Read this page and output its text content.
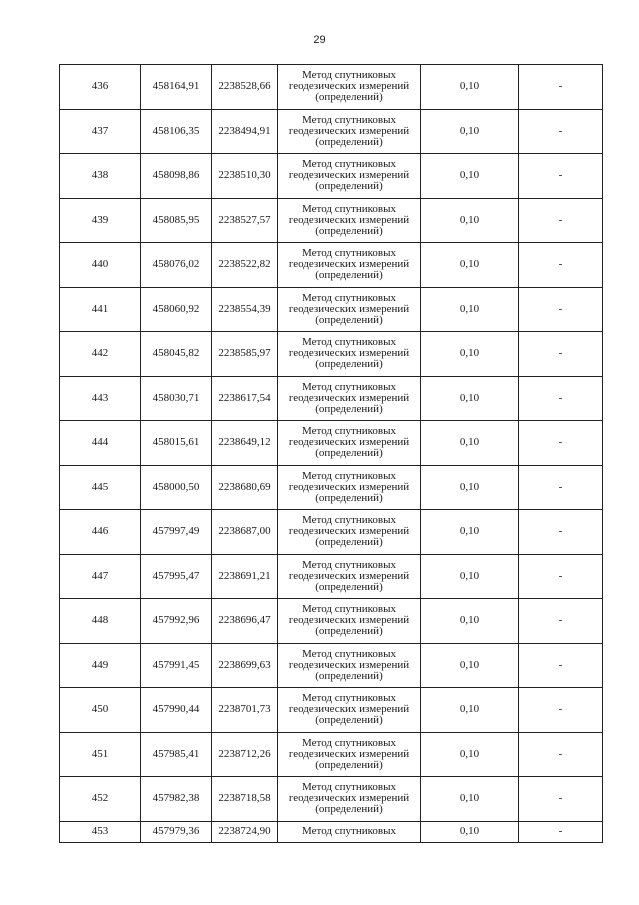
29
436	458164,91	2238528,66	Метод спутниковых
геодезических измерений
(определений)	0,10	-
437	458106,35	2238494,91	Метод спутниковых
геодезических измерений
(определений)	0,10	-
438	458098,86	2238510,30	Метод спутниковых
геодезических измерений
(определений)	0,10	-
439	458085,95	2238527,57	Метод спутниковых
геодезических измерений
(определений)	0,10	-
440	458076,02	2238522,82	Метод спутниковых
геодезических измерений
(определений)	0,10	-
441	458060,92	2238554,39	Метод спутниковых
геодезических измерений
(определений)	0,10	-
442	458045,82	2238585,97	Метод спутниковых
геодезических измерений
(определений)	0,10	-
443	458030,71	2238617,54	Метод спутниковых
геодезических измерений
(определений)	0,10	-
444	458015,61	2238649,12	Метод спутниковых
геодезических измерений
(определений)	0,10	-
445	458000,50	2238680,69	Метод спутниковых
геодезических измерений
(определений)	0,10	-
446	457997,49	2238687,00	Метод спутниковых
геодезических измерений
(определений)	0,10	-
447	457995,47	2238691,21	Метод спутниковых
геодезических измерений
(определений)	0,10	-
448	457992,96	2238696,47	Метод спутниковых
геодезических измерений
(определений)	0,10	-
449	457991,45	2238699,63	Метод спутниковых
геодезических измерений
(определений)	0,10	-
450	457990,44	2238701,73	Метод спутниковых
геодезических измерений
(определений)	0,10	-
451	457985,41	2238712,26	Метод спутниковых
геодезических измерений
(определений)	0,10	-
452	457982,38	2238718,58	Метод спутниковых
геодезических измерений
(определений)	0,10	-
453	457979,36	2238724,90	Метод спутниковых	0,10	-
